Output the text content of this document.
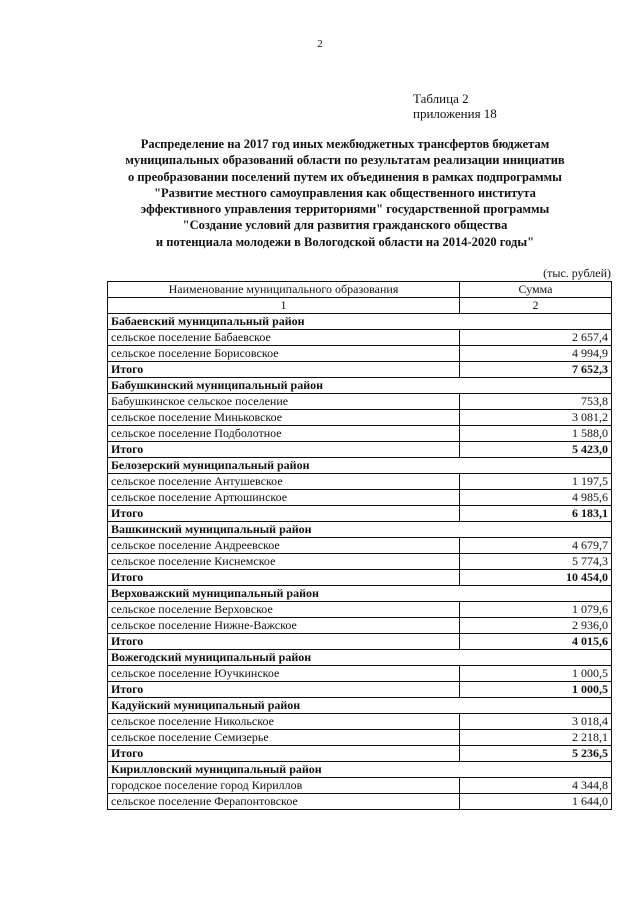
2
Таблица 2
приложения 18
Распределение на 2017 год иных межбюджетных трансфертов бюджетам
муниципальных образований области по результатам реализации инициатив
о преобразовании поселений путем их объединения в рамках подпрограммы
"Развитие местного самоуправления как общественного института
эффективного управления территориями" государственной программы
"Создание условий для развития гражданского общества
и потенциала молодежи в Вологодской области на 2014-2020 годы"
(тыс. рублей)
Наименование муниципального образования	Сумма
1	2
Бабаевский муниципальный район	
сельское поселение Бабаевское	2 657,4
сельское поселение Борисовское	4 994,9
Итого	7 652,3
Бабушкинский муниципальный район	
Бабушкинское сельское поселение	753,8
сельское поселение Миньковское	3 081,2
сельское поселение Подболотное	1 588,0
Итого	5 423,0
Белозерский муниципальный район	
сельское поселение Антушевское	1 197,5
сельское поселение Артюшинское	4 985,6
Итого	6 183,1
Вашкинский муниципальный район	
сельское поселение Андреевское	4 679,7
сельское поселение Киснемское	5 774,3
Итого	10 454,0
Верховажский муниципальный район	
сельское поселение Верховское	1 079,6
сельское поселение Нижне-Важское	2 936,0
Итого	4 015,6
Вожегодский муниципальный район	
сельское поселение Юучкинское	1 000,5
Итого	1 000,5
Кадуйский муниципальный район	
сельское поселение Никольское	3 018,4
сельское поселение Семизерье	2 218,1
Итого	5 236,5
Кирилловский муниципальный район	
городское поселение город Кириллов	4 344,8
сельское поселение Ферапонтовское	1 644,0
